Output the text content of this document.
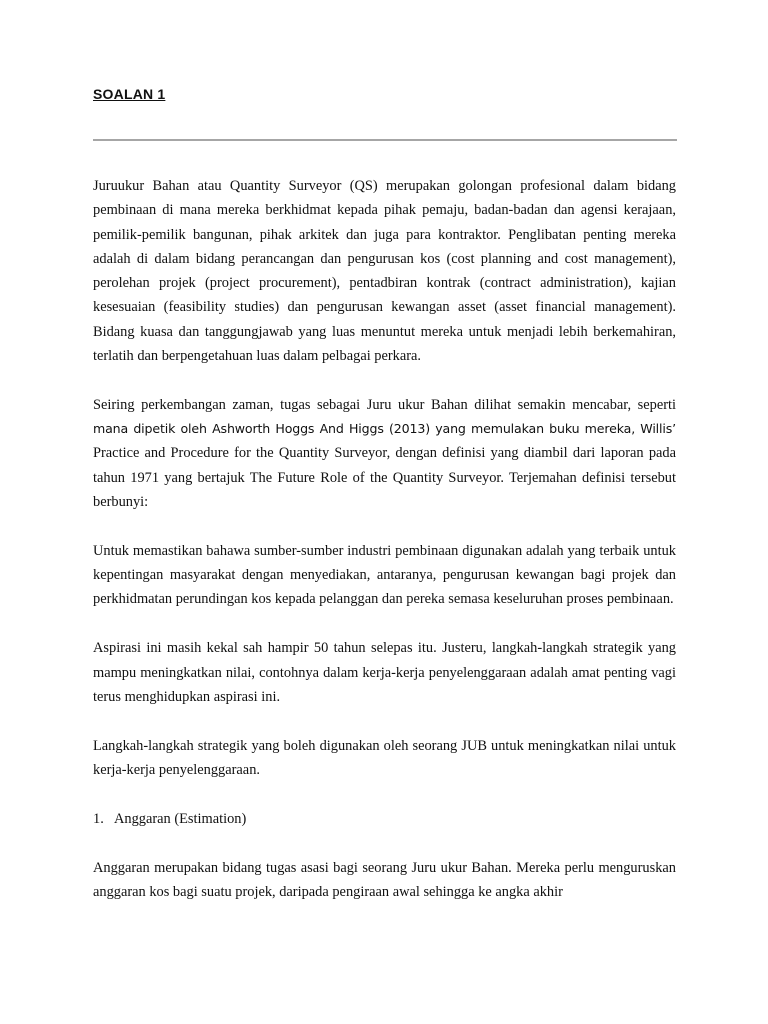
SOALAN 1

Juruukur Bahan atau Quantity Surveyor (QS) merupakan golongan profesional dalam bidang pembinaan di mana mereka berkhidmat kepada pihak pemaju, badan-badan dan agensi kerajaan, pemilik-pemilik bangunan, pihak arkitek dan juga para kontraktor. Penglibatan penting mereka adalah di dalam bidang perancangan dan pengurusan kos (cost planning and cost management), perolehan projek (project procurement), pentadbiran kontrak (contract administration), kajian kesesuaian (feasibility studies) dan pengurusan kewangan asset (asset financial management). Bidang kuasa dan tanggungjawab yang luas menuntut mereka untuk menjadi lebih berkemahiran, terlatih dan berpengetahuan luas dalam pelbagai perkara.

Seiring perkembangan zaman, tugas sebagai Juru ukur Bahan dilihat semakin mencabar, seperti mana dipetik oleh Ashworth Hoggs And Higgs (2013) yang memulakan buku mereka, Willis’ Practice and Procedure for the Quantity Surveyor, dengan definisi yang diambil dari laporan pada tahun 1971 yang bertajuk The Future Role of the Quantity Surveyor. Terjemahan definisi tersebut berbunyi:

Untuk memastikan bahawa sumber-sumber industri pembinaan digunakan adalah yang terbaik untuk kepentingan masyarakat dengan menyediakan, antaranya, pengurusan kewangan bagi projek dan perkhidmatan perundingan kos kepada pelanggan dan pereka semasa keseluruhan proses pembinaan.

Aspirasi ini masih kekal sah hampir 50 tahun selepas itu. Justeru, langkah-langkah strategik yang mampu meningkatkan nilai, contohnya dalam kerja-kerja penyelenggaraan adalah amat penting vagi terus menghidupkan aspirasi ini.

Langkah-langkah strategik yang boleh digunakan oleh seorang JUB untuk meningkatkan nilai untuk kerja-kerja penyelenggaraan.

1. Anggaran (Estimation)

Anggaran merupakan bidang tugas asasi bagi seorang Juru ukur Bahan. Mereka perlu menguruskan anggaran kos bagi suatu projek, daripada pengiraan awal sehingga ke angka akhir
